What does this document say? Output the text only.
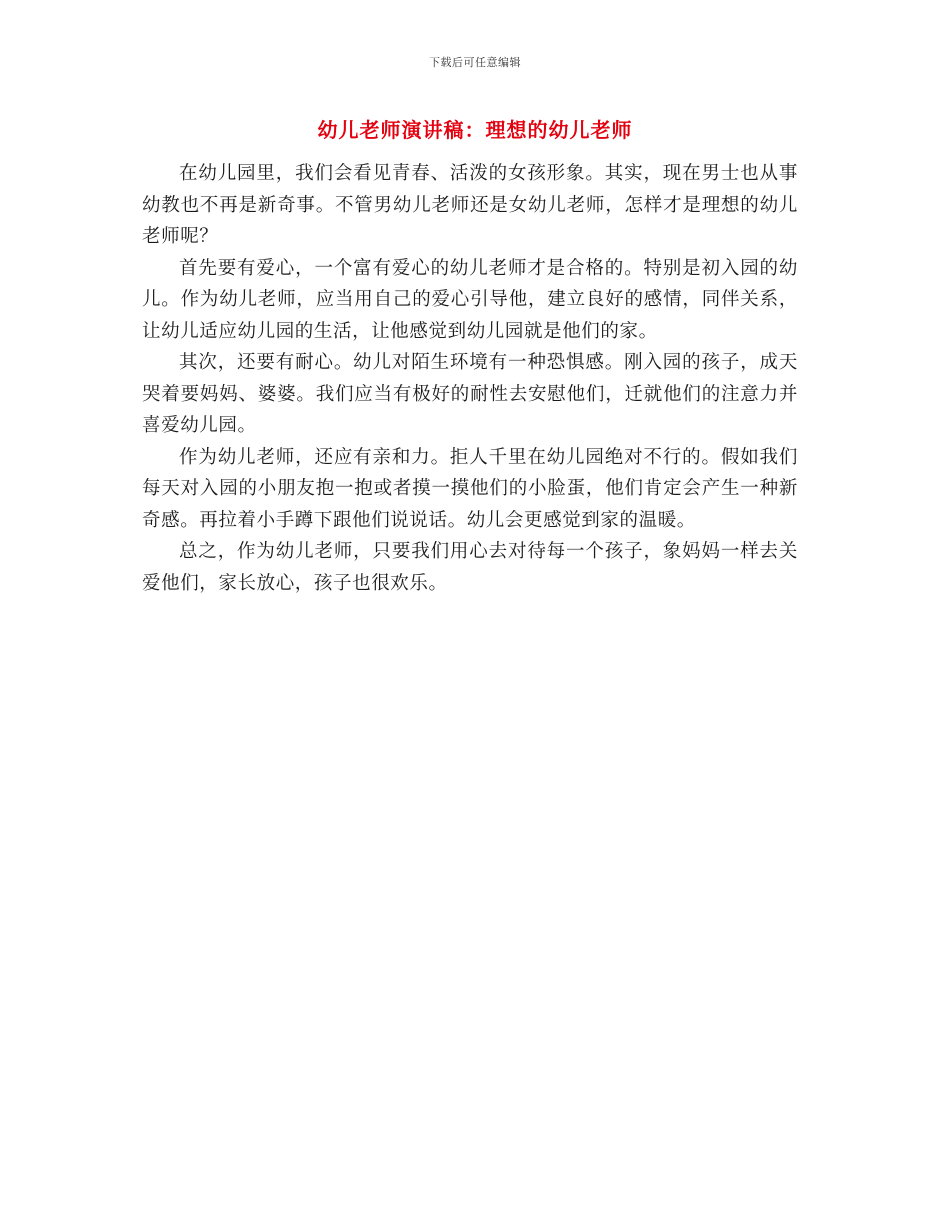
下载后可任意编辑
幼儿老师演讲稿：理想的幼儿老师

在幼儿园里，我们会看见青春、活泼的女孩形象。其实，现在男士也从事幼教也不再是新奇事。不管男幼儿老师还是女幼儿老师，怎样才是理想的幼儿老师呢？

首先要有爱心，一个富有爱心的幼儿老师才是合格的。特别是初入园的幼儿。作为幼儿老师，应当用自己的爱心引导他，建立良好的感情，同伴关系，让幼儿适应幼儿园的生活，让他感觉到幼儿园就是他们的家。

其次，还要有耐心。幼儿对陌生环境有一种恐惧感。刚入园的孩子，成天哭着要妈妈、婆婆。我们应当有极好的耐性去安慰他们，迁就他们的注意力并喜爱幼儿园。

作为幼儿老师，还应有亲和力。拒人千里在幼儿园绝对不行的。假如我们每天对入园的小朋友抱一抱或者摸一摸他们的小脸蛋，他们肯定会产生一种新奇感。再拉着小手蹲下跟他们说说话。幼儿会更感觉到家的温暖。

总之，作为幼儿老师，只要我们用心去对待每一个孩子，象妈妈一样去关爱他们，家长放心，孩子也很欢乐。
